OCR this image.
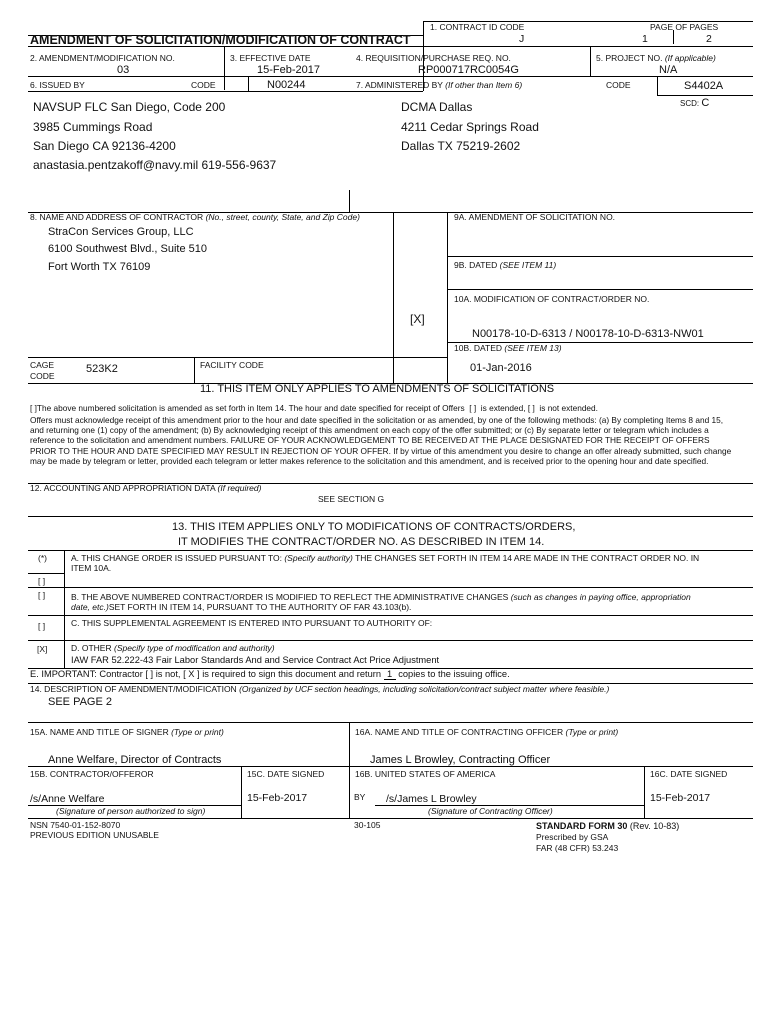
1. CONTRACT ID CODE
J
PAGE OF PAGES
1	2
AMENDMENT OF SOLICITATION/MODIFICATION OF CONTRACT
2. AMENDMENT/MODIFICATION NO.
03
3. EFFECTIVE DATE
15-Feb-2017
4. REQUISITION/PURCHASE REQ. NO.
RP000717RC0054G
5. PROJECT NO. (If applicable)
N/A
6. ISSUED BY	CODE	N00244	7. ADMINISTERED BY (If other than Item 6)	CODE	S4402A
SCD: C
NAVSUP FLC San Diego, Code 200
3985 Cummings Road
San Diego CA 92136-4200
anastasia.pentzakoff@navy.mil 619-556-9637
DCMA Dallas
4211 Cedar Springs Road
Dallas TX 75219-2602
8. NAME AND ADDRESS OF CONTRACTOR (No., street, county, State, and Zip Code)
StraCon Services Group, LLC
6100 Southwest Blvd., Suite 510
Fort Worth TX 76109
9A. AMENDMENT OF SOLICITATION NO.
9B. DATED (SEE ITEM 11)
10A. MODIFICATION OF CONTRACT/ORDER NO.
[X]
N00178-10-D-6313 / N00178-10-D-6313-NW01
10B. DATED (SEE ITEM 13)
01-Jan-2016
CAGE
CODE
523K2	FACILITY CODE
11. THIS ITEM ONLY APPLIES TO AMENDMENTS OF SOLICITATIONS
[ ]The above numbered solicitation is amended as set forth in Item 14. The hour and date specified for receipt of Offers [ ] is extended, [ ] is not extended.
Offers must acknowledge receipt of this amendment prior to the hour and date specified in the solicitation or as amended, by one of the following methods: (a) By completing Items 8 and 15, and returning one (1) copy of the amendment; (b) By acknowledging receipt of this amendment on each copy of the offer submitted; or (c) By separate letter or telegram which includes a reference to the solicitation and amendment numbers. FAILURE OF YOUR ACKNOWLEDGEMENT TO BE RECEIVED AT THE PLACE DESIGNATED FOR THE RECEIPT OF OFFERS PRIOR TO THE HOUR AND DATE SPECIFIED MAY RESULT IN REJECTION OF YOUR OFFER. If by virtue of this amendment you desire to change an offer already submitted, such change may be made by telegram or letter, provided each telegram or letter makes reference to the solicitation and this amendment, and is received prior to the opening hour and date specified.
12. ACCOUNTING AND APPROPRIATION DATA (If required)
SEE SECTION G
13. THIS ITEM APPLIES ONLY TO MODIFICATIONS OF CONTRACTS/ORDERS,
IT MODIFIES THE CONTRACT/ORDER NO. AS DESCRIBED IN ITEM 14.
(*)	A. THIS CHANGE ORDER IS ISSUED PURSUANT TO: (Specify authority) THE CHANGES SET FORTH IN ITEM 14 ARE MADE IN THE CONTRACT ORDER NO. IN
ITEM 10A.
[ ]
[ ]	B. THE ABOVE NUMBERED CONTRACT/ORDER IS MODIFIED TO REFLECT THE ADMINISTRATIVE CHANGES (such as changes in paying office, appropriation
date, etc.)SET FORTH IN ITEM 14, PURSUANT TO THE AUTHORITY OF FAR 43.103(b).
[ ]	C. THIS SUPPLEMENTAL AGREEMENT IS ENTERED INTO PURSUANT TO AUTHORITY OF:
[X]	D. OTHER (Specify type of modification and authority)
IAW FAR 52.222-43 Fair Labor Standards And and Service Contract Act Price Adjustment
E. IMPORTANT: Contractor [ ] is not, [ X ] is required to sign this document and return 1 copies to the issuing office.
14. DESCRIPTION OF AMENDMENT/MODIFICATION (Organized by UCF section headings, including solicitation/contract subject matter where feasible.)
SEE PAGE 2
15A. NAME AND TITLE OF SIGNER (Type or print)	16A. NAME AND TITLE OF CONTRACTING OFFICER (Type or print)
Anne Welfare, Director of Contracts	James L Browley, Contracting Officer
15B. CONTRACTOR/OFFEROR	15C. DATE SIGNED	16B. UNITED STATES OF AMERICA	16C. DATE SIGNED
/s/Anne Welfare	15-Feb-2017	BY /s/James L Browley	15-Feb-2017
(Signature of person authorized to sign)	(Signature of Contracting Officer)
NSN 7540-01-152-8070
PREVIOUS EDITION UNUSABLE
30-105	STANDARD FORM 30 (Rev. 10-83)
Prescribed by GSA
FAR (48 CFR) 53.243
